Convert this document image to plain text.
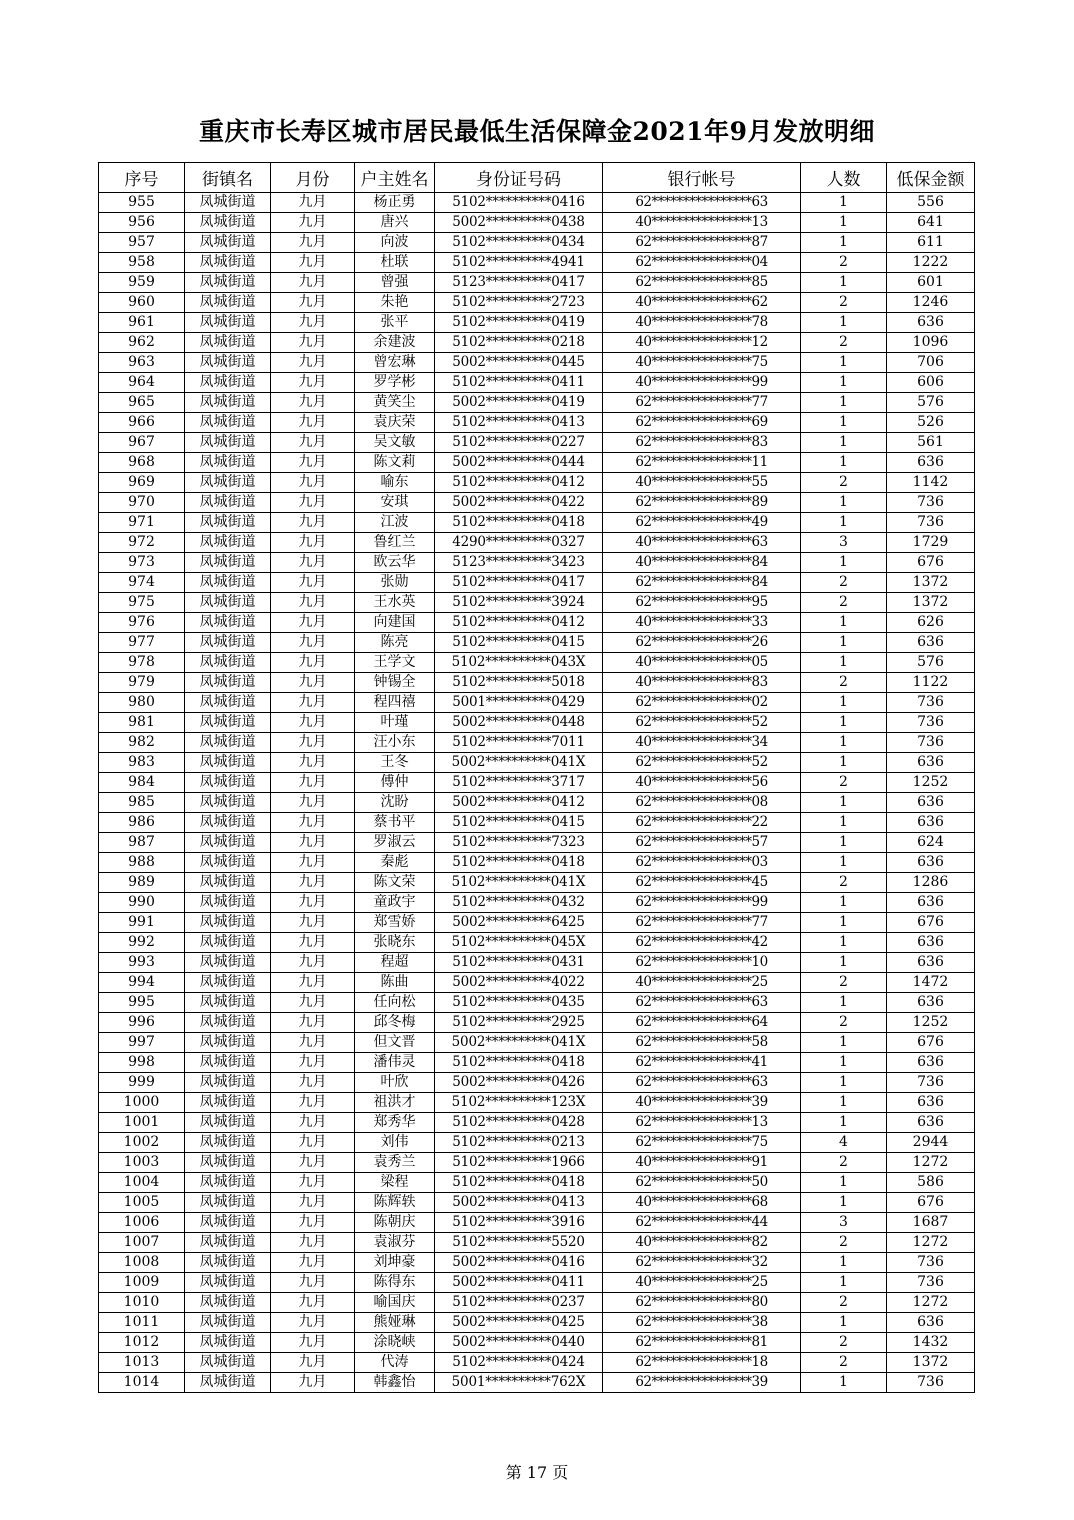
重庆市长寿区城市居民最低生活保障金2021年9月发放明细
序号	街镇名	月份	户主姓名	身份证号码	银行帐号	人数	低保金额
955	凤城街道	九月	杨正勇	5102**********0416	62****************63	1	556
956	凤城街道	九月	唐兴	5002**********0438	40****************13	1	641
957	凤城街道	九月	向波	5102**********0434	62****************87	1	611
958	凤城街道	九月	杜联	5102**********4941	62****************04	2	1222
959	凤城街道	九月	曾强	5123**********0417	62****************85	1	601
960	凤城街道	九月	朱艳	5102**********2723	40****************62	2	1246
961	凤城街道	九月	张平	5102**********0419	40****************78	1	636
962	凤城街道	九月	余建波	5102**********0218	40****************12	2	1096
963	凤城街道	九月	曾宏琳	5002**********0445	40****************75	1	706
964	凤城街道	九月	罗学彬	5102**********0411	40****************99	1	606
965	凤城街道	九月	黄笑尘	5002**********0419	62****************77	1	576
966	凤城街道	九月	袁庆荣	5102**********0413	62****************69	1	526
967	凤城街道	九月	吴文敏	5102**********0227	62****************83	1	561
968	凤城街道	九月	陈文莉	5002**********0444	62****************11	1	636
969	凤城街道	九月	喻东	5102**********0412	40****************55	2	1142
970	凤城街道	九月	安琪	5002**********0422	62****************89	1	736
971	凤城街道	九月	江波	5102**********0418	62****************49	1	736
972	凤城街道	九月	鲁红兰	4290**********0327	40****************63	3	1729
973	凤城街道	九月	欧云华	5123**********3423	40****************84	1	676
974	凤城街道	九月	张勋	5102**********0417	62****************84	2	1372
975	凤城街道	九月	王水英	5102**********3924	62****************95	2	1372
976	凤城街道	九月	向建国	5102**********0412	40****************33	1	626
977	凤城街道	九月	陈亮	5102**********0415	62****************26	1	636
978	凤城街道	九月	王学文	5102**********043X	40****************05	1	576
979	凤城街道	九月	钟锡全	5102**********5018	40****************83	2	1122
980	凤城街道	九月	程四禧	5001**********0429	62****************02	1	736
981	凤城街道	九月	叶瑾	5002**********0448	62****************52	1	736
982	凤城街道	九月	汪小东	5102**********7011	40****************34	1	736
983	凤城街道	九月	王冬	5002**********041X	62****************52	1	636
984	凤城街道	九月	傅仲	5102**********3717	40****************56	2	1252
985	凤城街道	九月	沈盼	5002**********0412	62****************08	1	636
986	凤城街道	九月	蔡书平	5102**********0415	62****************22	1	636
987	凤城街道	九月	罗淑云	5102**********7323	62****************57	1	624
988	凤城街道	九月	秦彪	5102**********0418	62****************03	1	636
989	凤城街道	九月	陈文荣	5102**********041X	62****************45	2	1286
990	凤城街道	九月	童政宇	5102**********0432	62****************99	1	636
991	凤城街道	九月	郑雪娇	5002**********6425	62****************77	1	676
992	凤城街道	九月	张晓东	5102**********045X	62****************42	1	636
993	凤城街道	九月	程超	5102**********0431	62****************10	1	636
994	凤城街道	九月	陈曲	5002**********4022	40****************25	2	1472
995	凤城街道	九月	任向松	5102**********0435	62****************63	1	636
996	凤城街道	九月	邱冬梅	5102**********2925	62****************64	2	1252
997	凤城街道	九月	但文晋	5002**********041X	62****************58	1	676
998	凤城街道	九月	潘伟灵	5102**********0418	62****************41	1	636
999	凤城街道	九月	叶欣	5002**********0426	62****************63	1	736
1000	凤城街道	九月	祖洪才	5102**********123X	40****************39	1	636
1001	凤城街道	九月	郑秀华	5102**********0428	62****************13	1	636
1002	凤城街道	九月	刘伟	5102**********0213	62****************75	4	2944
1003	凤城街道	九月	袁秀兰	5102**********1966	40****************91	2	1272
1004	凤城街道	九月	梁程	5102**********0418	62****************50	1	586
1005	凤城街道	九月	陈辉轶	5002**********0413	40****************68	1	676
1006	凤城街道	九月	陈朝庆	5102**********3916	62****************44	3	1687
1007	凤城街道	九月	袁淑芬	5102**********5520	40****************82	2	1272
1008	凤城街道	九月	刘坤豪	5002**********0416	62****************32	1	736
1009	凤城街道	九月	陈得东	5002**********0411	40****************25	1	736
1010	凤城街道	九月	喻国庆	5102**********0237	62****************80	2	1272
1011	凤城街道	九月	熊娅琳	5002**********0425	62****************38	1	636
1012	凤城街道	九月	涂晓峡	5002**********0440	62****************81	2	1432
1013	凤城街道	九月	代涛	5102**********0424	62****************18	2	1372
1014	凤城街道	九月	韩鑫怡	5001**********762X	62****************39	1	736
第 17 页
